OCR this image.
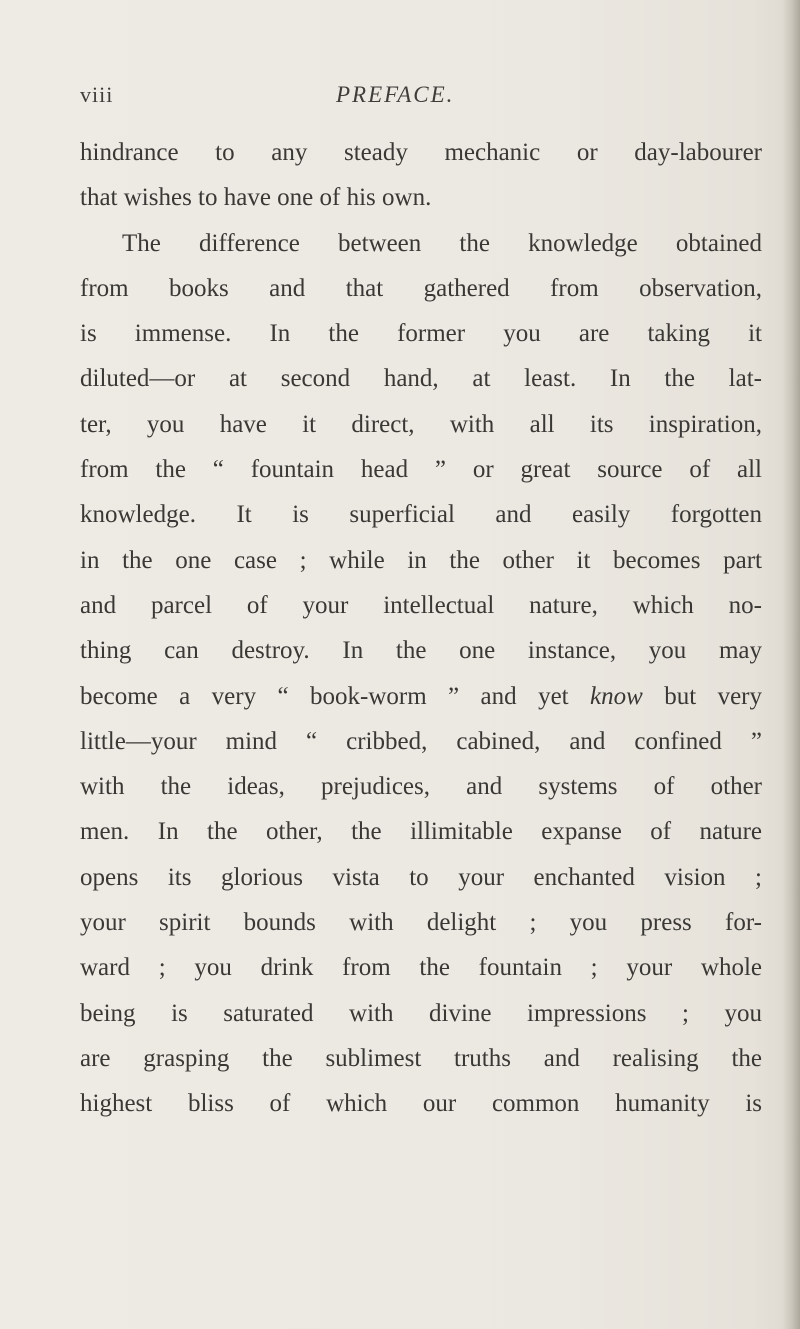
viii	PREFACE.
hindrance to any steady mechanic or day-labourer
that wishes to have one of his own.
The difference between the knowledge obtained
from books and that gathered from observation,
is immense. In the former you are taking it
diluted—or at second hand, at least. In the lat-
ter, you have it direct, with all its inspiration,
from the “ fountain head ” or great source of all
knowledge. It is superficial and easily forgotten
in the one case ; while in the other it becomes part
and parcel of your intellectual nature, which no-
thing can destroy. In the one instance, you may
become a very “ book-worm ” and yet know but very
little—your mind “ cribbed, cabined, and confined ”
with the ideas, prejudices, and systems of other
men. In the other, the illimitable expanse of nature
opens its glorious vista to your enchanted vision ;
your spirit bounds with delight ; you press for-
ward ; you drink from the fountain ; your whole
being is saturated with divine impressions ; you
are grasping the sublimest truths and realising the
highest bliss of which our common humanity is
